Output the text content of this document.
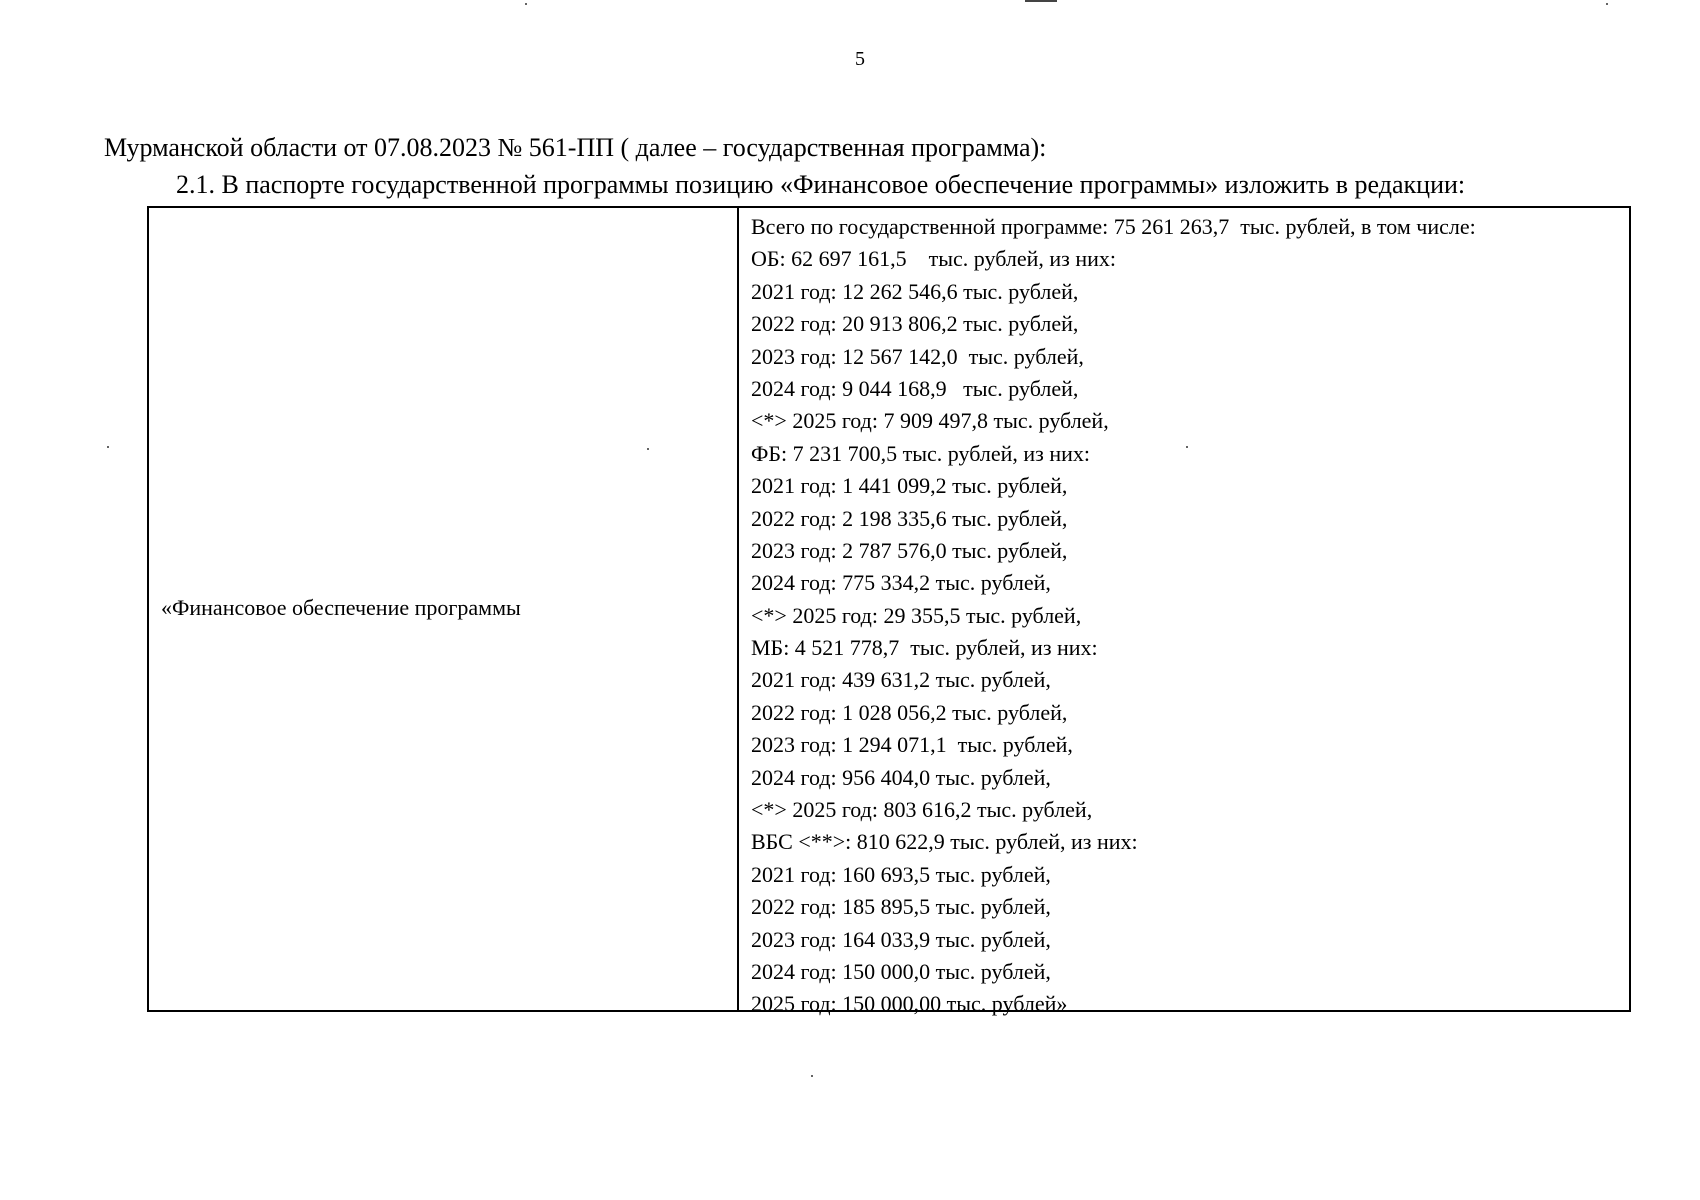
5
Мурманской области от 07.08.2023 № 561-ПП ( далее – государственная программа):
2.1. В паспорте государственной программы позицию «Финансовое обеспечение программы» изложить в редакции:
«Финансовое обеспечение программы
Всего по государственной программе: 75 261 263,7  тыс. рублей, в том числе:
ОБ: 62 697 161,5    тыс. рублей, из них:
2021 год: 12 262 546,6 тыс. рублей,
2022 год: 20 913 806,2 тыс. рублей,
2023 год: 12 567 142,0  тыс. рублей,
2024 год: 9 044 168,9   тыс. рублей,
<*> 2025 год: 7 909 497,8 тыс. рублей,
ФБ: 7 231 700,5 тыс. рублей, из них:
2021 год: 1 441 099,2 тыс. рублей,
2022 год: 2 198 335,6 тыс. рублей,
2023 год: 2 787 576,0 тыс. рублей,
2024 год: 775 334,2 тыс. рублей,
<*> 2025 год: 29 355,5 тыс. рублей,
МБ: 4 521 778,7  тыс. рублей, из них:
2021 год: 439 631,2 тыс. рублей,
2022 год: 1 028 056,2 тыс. рублей,
2023 год: 1 294 071,1  тыс. рублей,
2024 год: 956 404,0 тыс. рублей,
<*> 2025 год: 803 616,2 тыс. рублей,
ВБС <**>: 810 622,9 тыс. рублей, из них:
2021 год: 160 693,5 тыс. рублей,
2022 год: 185 895,5 тыс. рублей,
2023 год: 164 033,9 тыс. рублей,
2024 год: 150 000,0 тыс. рублей,
2025 год: 150 000,00 тыс. рублей»
